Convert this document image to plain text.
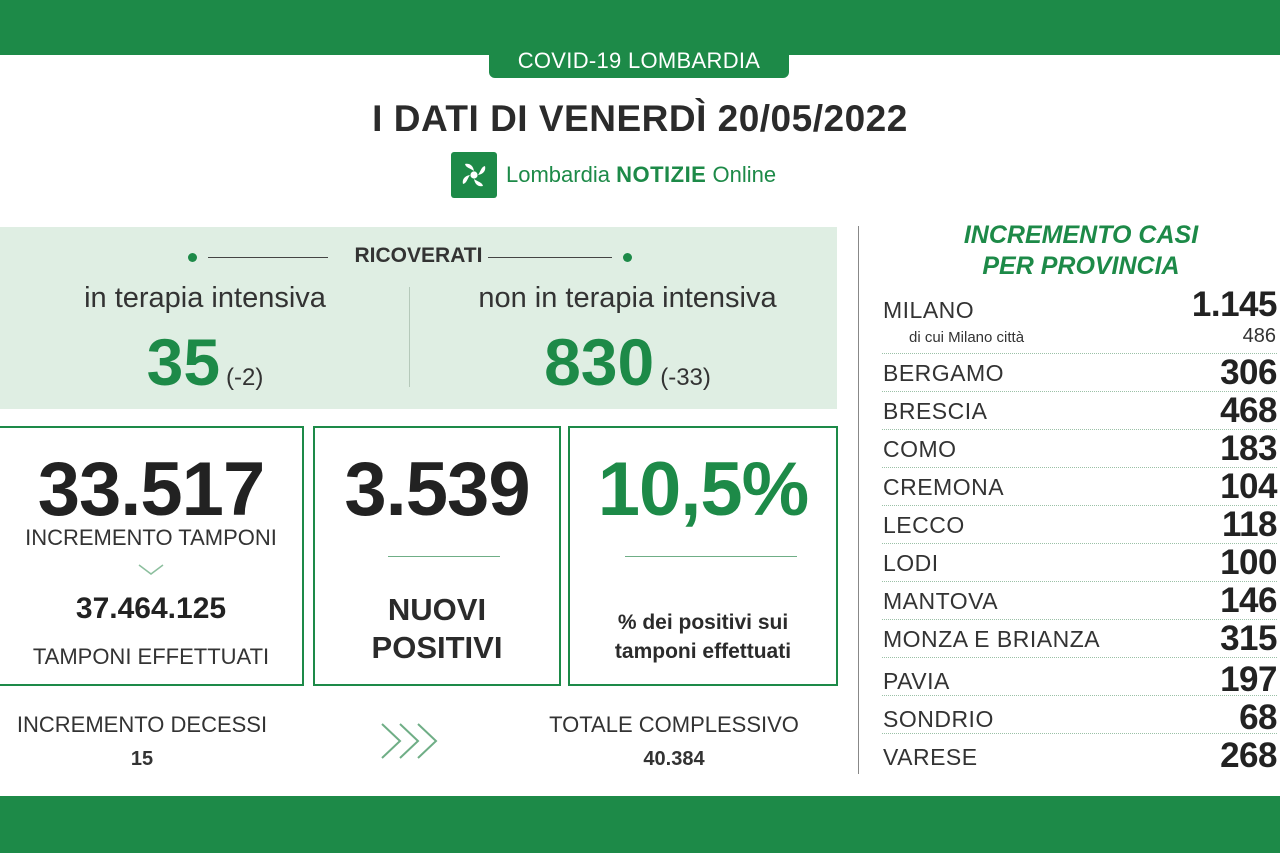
COVID-19 LOMBARDIA
I DATI DI VENERDÌ 20/05/2022
Lombardia NOTIZIE Online
RICOVERATI
in terapia intensiva
35 (-2)
non in terapia intensiva
830 (-33)
33.517
INCREMENTO TAMPONI
37.464.125
TAMPONI EFFETTUATI
3.539
NUOVI
POSITIVI
10,5%
% dei positivi sui
tamponi effettuati
INCREMENTO DECESSI
15
TOTALE COMPLESSIVO
40.384
INCREMENTO CASI
PER PROVINCIA
MILANO	1.145
di cui Milano città	486
BERGAMO	306
BRESCIA	468
COMO	183
CREMONA	104
LECCO	118
LODI	100
MANTOVA	146
MONZA E BRIANZA	315
PAVIA	197
SONDRIO	68
VARESE	268
